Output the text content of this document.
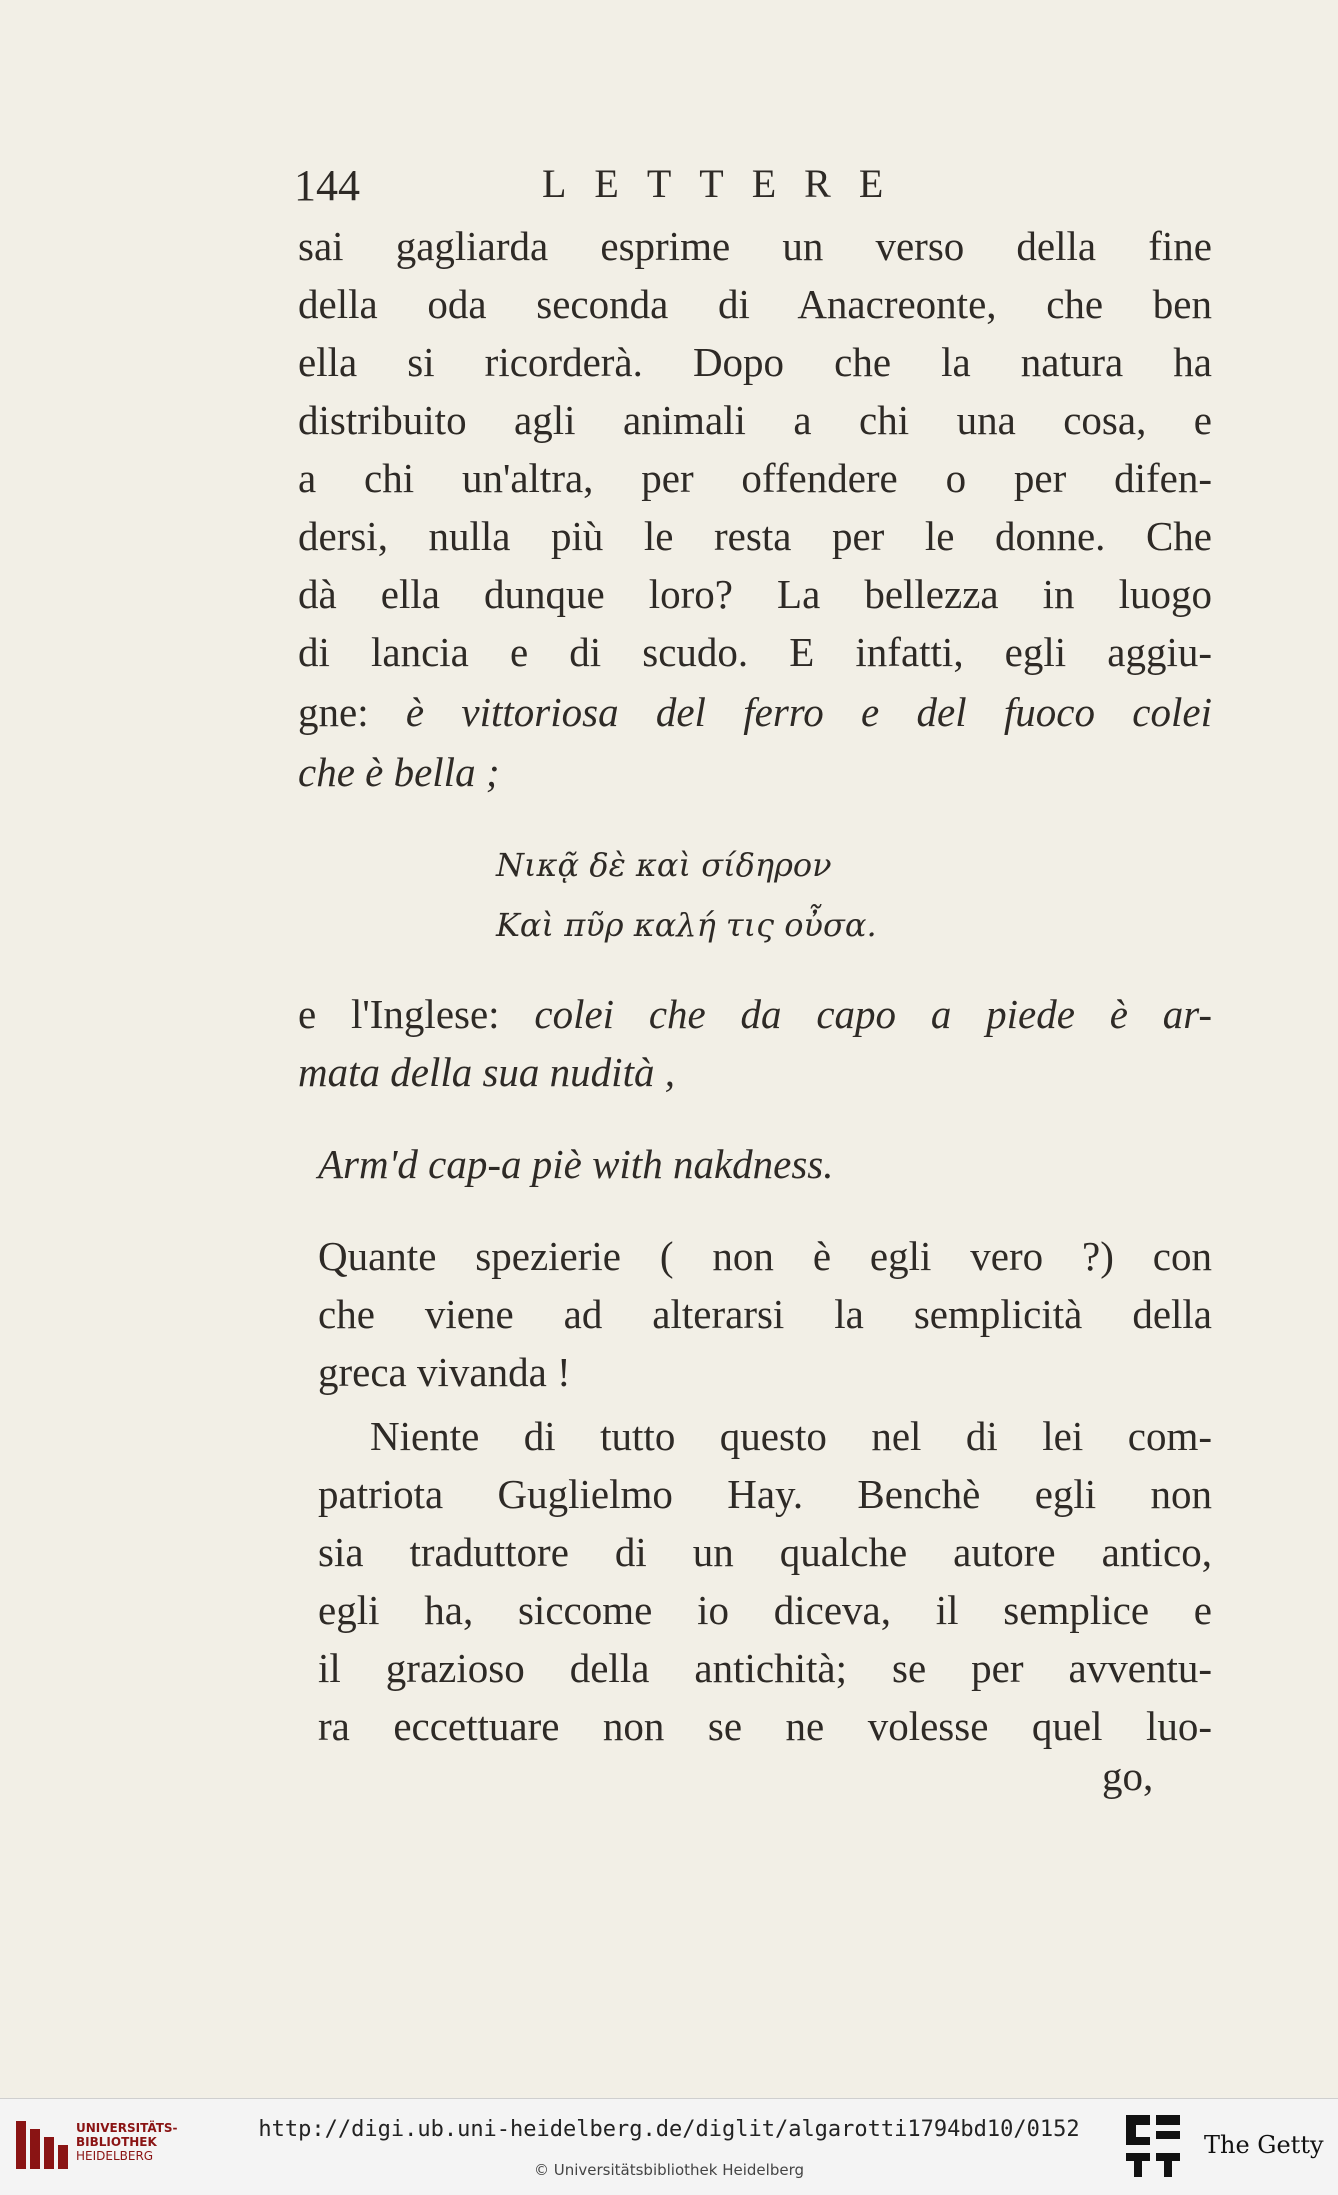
144	LETTERE
sai gagliarda esprime un verso della fine
della oda seconda di Anacreonte, che ben
ella si ricorderà. Dopo che la natura ha
distribuito agli animali a chi una cosa, e
a chi un'altra, per offendere o per difen-
dersi, nulla più le resta per le donne. Che
dà ella dunque loro? La bellezza in luogo
di lancia e di scudo. E infatti, egli aggiu-
gne: è vittoriosa del ferro e del fuoco colei
che è bella ;
Νικᾷ δὲ καὶ σίδηρον
Καὶ πῦρ καλή τις οὖσα.
e l'Inglese: colei che da capo a piede è ar-
mata della sua nudità ,
Arm'd cap-a piè with nakdness.
Quante spezierie ( non è egli vero ?) con
che viene ad alterarsi la semplicità della
greca vivanda !
Niente di tutto questo nel di lei com-
patriota Guglielmo Hay. Benchè egli non
sia traduttore di un qualche autore antico,
egli ha, siccome io diceva, il semplice e
il grazioso della antichità; se per avventu-
ra eccettuare non se ne volesse quel luo-
go,
UNIVERSITÄTS-
BIBLIOTHEK
HEIDELBERG
http://digi.ub.uni-heidelberg.de/diglit/algarotti1794bd10/0152
© Universitätsbibliothek Heidelberg
The Getty
